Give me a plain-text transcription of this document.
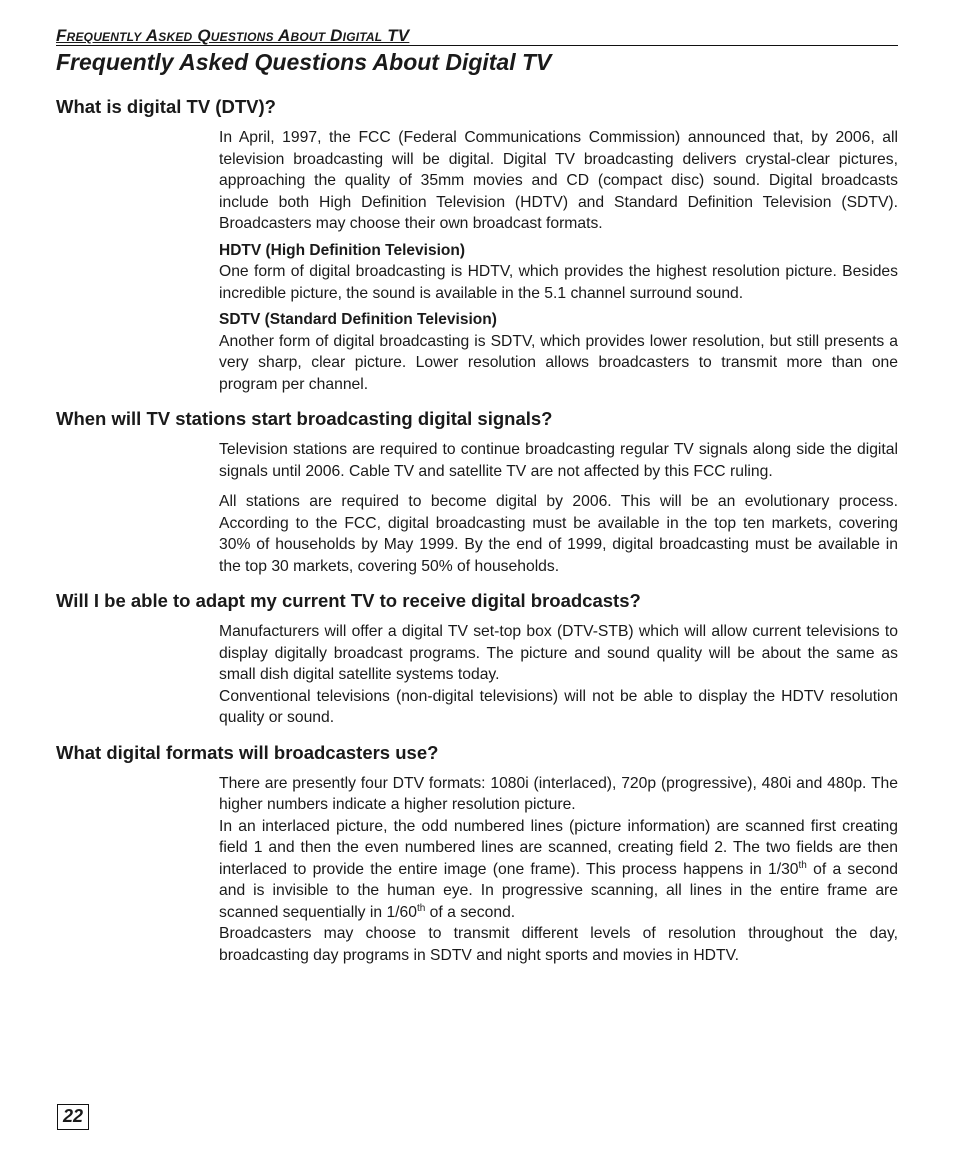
Frequently Asked Questions About Digital TV
Frequently Asked Questions About Digital TV
What is digital TV (DTV)?

In April, 1997, the FCC (Federal Communications Commission) announced that, by 2006, all television broadcasting will be digital. Digital TV broadcasting delivers crystal-clear pictures, approaching the quality of 35mm movies and CD (compact disc) sound. Digital broadcasts include both High Definition Television (HDTV) and Standard Definition Television (SDTV). Broadcasters may choose their own broadcast formats.

HDTV (High Definition Television)

One form of digital broadcasting is HDTV, which provides the highest resolution picture. Besides incredible picture, the sound is available in the 5.1 channel surround sound.

SDTV (Standard Definition Television)

Another form of digital broadcasting is SDTV, which provides lower resolution, but still presents a very sharp, clear picture. Lower resolution allows broadcasters to transmit more than one program per channel.

When will TV stations start broadcasting digital signals?

Television stations are required to continue broadcasting regular TV signals along side the digital signals until 2006. Cable TV and satellite TV are not affected by this FCC ruling.

All stations are required to become digital by 2006. This will be an evolutionary process. According to the FCC, digital broadcasting must be available in the top ten markets, covering 30% of households by May 1999. By the end of 1999, digital broadcasting must be available in the top 30 markets, covering 50% of households.

Will I be able to adapt my current TV to receive digital broadcasts?

Manufacturers will offer a digital TV set-top box (DTV-STB) which will allow current televisions to display digitally broadcast programs. The picture and sound quality will be about the same as small dish digital satellite systems today.

Conventional televisions (non-digital televisions) will not be able to display the HDTV resolution quality or sound.

What digital formats will broadcasters use?

There are presently four DTV formats: 1080i (interlaced), 720p (progressive), 480i and 480p. The higher numbers indicate a higher resolution picture.

In an interlaced picture, the odd numbered lines (picture information) are scanned first creating field 1 and then the even numbered lines are scanned, creating field 2. The two fields are then interlaced to provide the entire image (one frame). This process happens in 1/30th of a second and is invisible to the human eye. In progressive scanning, all lines in the entire frame are scanned sequentially in 1/60th of a second.

Broadcasters may choose to transmit different levels of resolution throughout the day, broadcasting day programs in SDTV and night sports and movies in HDTV.

22
